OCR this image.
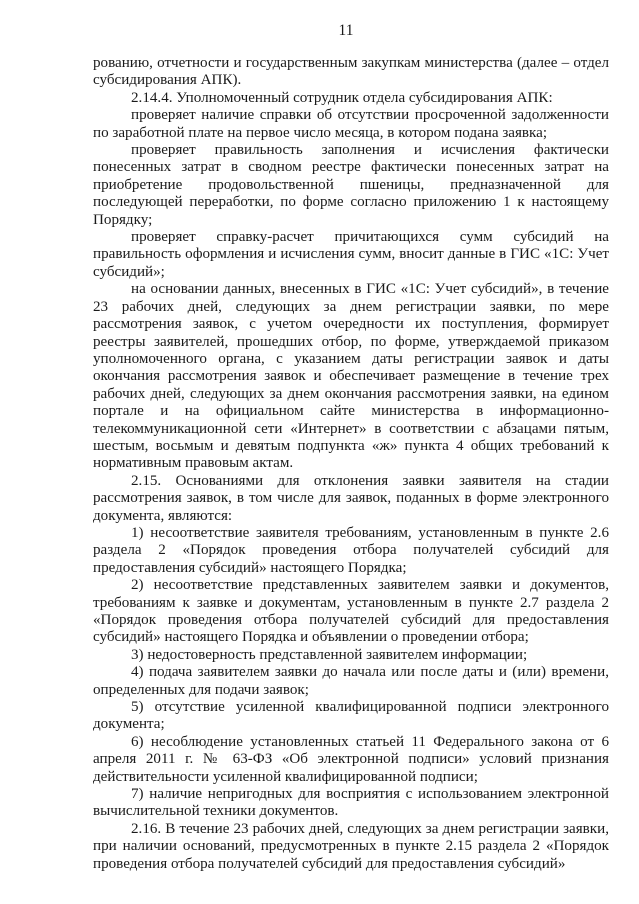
11

рованию, отчетности и государственным закупкам министерства (далее – отдел субсидирования АПК).

2.14.4. Уполномоченный сотрудник отдела субсидирования АПК:

проверяет наличие справки об отсутствии просроченной задолженности по заработной плате на первое число месяца, в котором подана заявка;

проверяет правильность заполнения и исчисления фактически понесенных затрат в сводном реестре фактически понесенных затрат на приобретение продовольственной пшеницы, предназначенной для последующей переработки, по форме согласно приложению 1 к настоящему Порядку;

проверяет справку-расчет причитающихся сумм субсидий на правильность оформления и исчисления сумм, вносит данные в ГИС «1С: Учет субсидий»;

на основании данных, внесенных в ГИС «1С: Учет субсидий», в течение 23 рабочих дней, следующих за днем регистрации заявки, по мере рассмотрения заявок, с учетом очередности их поступления, формирует реестры заявителей, прошедших отбор, по форме, утверждаемой приказом уполномоченного органа, с указанием даты регистрации заявок и даты окончания рассмотрения заявок и обеспечивает размещение в течение трех рабочих дней, следующих за днем окончания рассмотрения заявки, на едином портале и на официальном сайте министерства в информационно-телекоммуникационной сети «Интернет» в соответствии с абзацами пятым, шестым, восьмым и девятым подпункта «ж» пункта 4 общих требований к нормативным правовым актам.

2.15. Основаниями для отклонения заявки заявителя на стадии рассмотрения заявок, в том числе для заявок, поданных в форме электронного документа, являются:

1) несоответствие заявителя требованиям, установленным в пункте 2.6 раздела 2 «Порядок проведения отбора получателей субсидий для предоставления субсидий» настоящего Порядка;

2) несоответствие представленных заявителем заявки и документов, требованиям к заявке и документам, установленным в пункте 2.7 раздела 2 «Порядок проведения отбора получателей субсидий для предоставления субсидий» настоящего Порядка и объявлении о проведении отбора;

3) недостоверность представленной заявителем информации;

4) подача заявителем заявки до начала или после даты и (или) времени, определенных для подачи заявок;

5) отсутствие усиленной квалифицированной подписи электронного документа;

6) несоблюдение установленных статьей 11 Федерального закона от 6 апреля 2011 г. № 63-ФЗ «Об электронной подписи» условий признания действительности усиленной квалифицированной подписи;

7) наличие непригодных для восприятия с использованием электронной вычислительной техники документов.

2.16. В течение 23 рабочих дней, следующих за днем регистрации заявки, при наличии оснований, предусмотренных в пункте 2.15 раздела 2 «Порядок проведения отбора получателей субсидий для предоставления субсидий»
